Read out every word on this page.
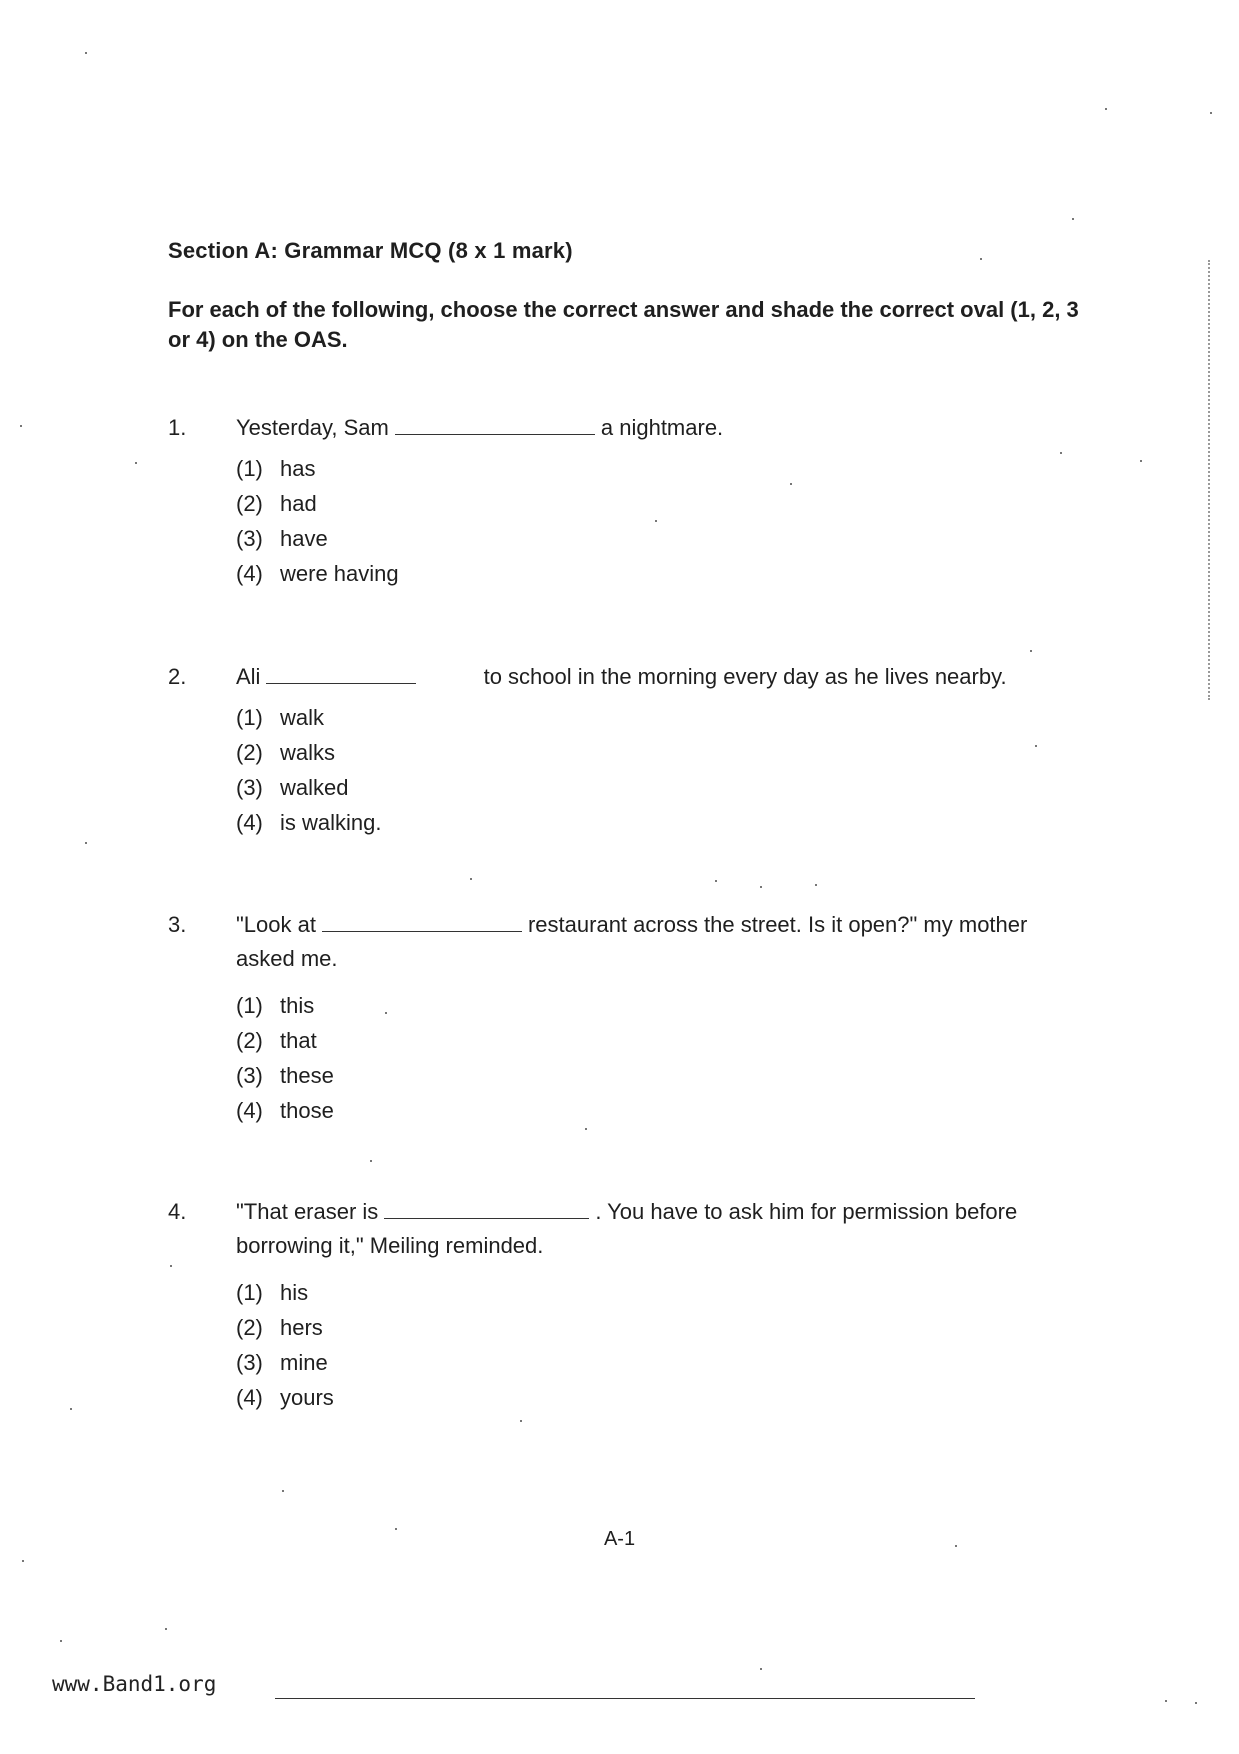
Section A: Grammar MCQ (8 x 1 mark)
For each of the following, choose the correct answer and shade the correct oval (1, 2, 3 or 4) on the OAS.
1. Yesterday, Sam	a nightmare.
(1) has
(2) had
(3) have
(4) were having
2. Ali	to school in the morning every day as he lives nearby.
(1) walk
(2) walks
(3) walked
(4) is walking.
3. "Look at	restaurant across the street. Is it open?" my mother asked me.
(1) this
(2) that
(3) these
(4) those
4. "That eraser is	. You have to ask him for permission before borrowing it," Meiling reminded.
(1) his
(2) hers
(3) mine
(4) yours
A-1
www.Band1.org
